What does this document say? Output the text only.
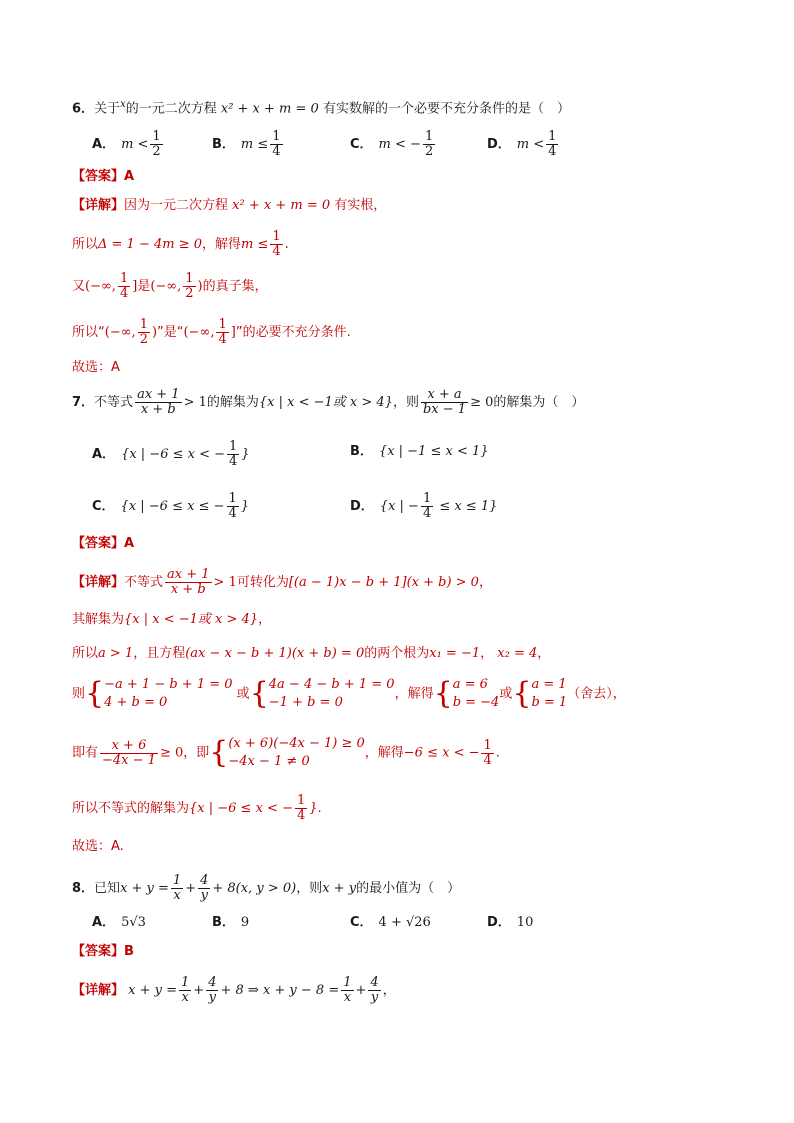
6．关于$^x$的一元二次方程 x² + x + m = 0 有实数解的一个必要不充分条件的是（　）
A． $m < \frac{1}{2}$	B． $m \le \frac{1}{4}$	C． m < − $\frac{1}{2}$	D． $m < \frac{1}{4}$
【答案】A
【详解】因为一元二次方程 x² + x + m = 0 有实根，
所以Δ = 1 − 4m ≥ 0，解得$m \le \frac{1}{4}$ .
又(−∞, $\frac{1}{4}$ ]是(−∞, $\frac{1}{2}$ )的真子集，
所以“(−∞, $\frac{1}{2}$ )”是“(−∞, $\frac{1}{4}$ ]”的必要不充分条件.
故选：A
7．不等式 $\frac{ax + 1}{x + b} > 1$的解集为{x | x < −1或 x > 4}，则 $\frac{x + a}{bx - 1} \ge 0$的解集为（　）
A． {x | −6 ≤ x < − $\frac{1}{4}$ }	B． {x | −1 ≤ x < 1}
C． {x | −6 ≤ x ≤ − $\frac{1}{4}$ }	D． {x | − $\frac{1}{4} \le x \le 1$}
【答案】A
【详解】不等式 $\frac{ax + 1}{x + b} > 1$可转化为[(a − 1)x − b + 1](x + b) > 0，
其解集为{x | x < −1或 x > 4}，
所以a > 1，且方程(ax − x − b + 1)(x + b) = 0的两个根为x₁ = −1， x₂ = 4，
则{ −a + 1 − b + 1 = 0
4 + b = 0
或{ 4a − 4 − b + 1 = 0
−1 + b = 0
，解得{ a = 6
b = −4
或{ a = 1
b = 1
（舍去），
即有 $\frac{x + 6}{-4x - 1} \ge 0$，即{ (x + 6)(−4x − 1) ≥ 0
−4x − 1 ≠ 0
，解得−6 ≤ x < − $\frac{1}{4}$ .
所以不等式的解集为{x | −6 ≤ x < − $\frac{1}{4}$ }.
故选：A.
8．已知$x + y = \frac{1}{x} + \frac{4}{y} + 8(x$, y > 0)，则x + y的最小值为（　）
A． 5√3	B． 9	C． 4 + √26	D． 10
【答案】B
【详解】 $x + y = \frac{1}{x} + \frac{4}{y} + 8$ ⇒ $x + y - 8 = \frac{1}{x} + \frac{4}{y}$ ，
